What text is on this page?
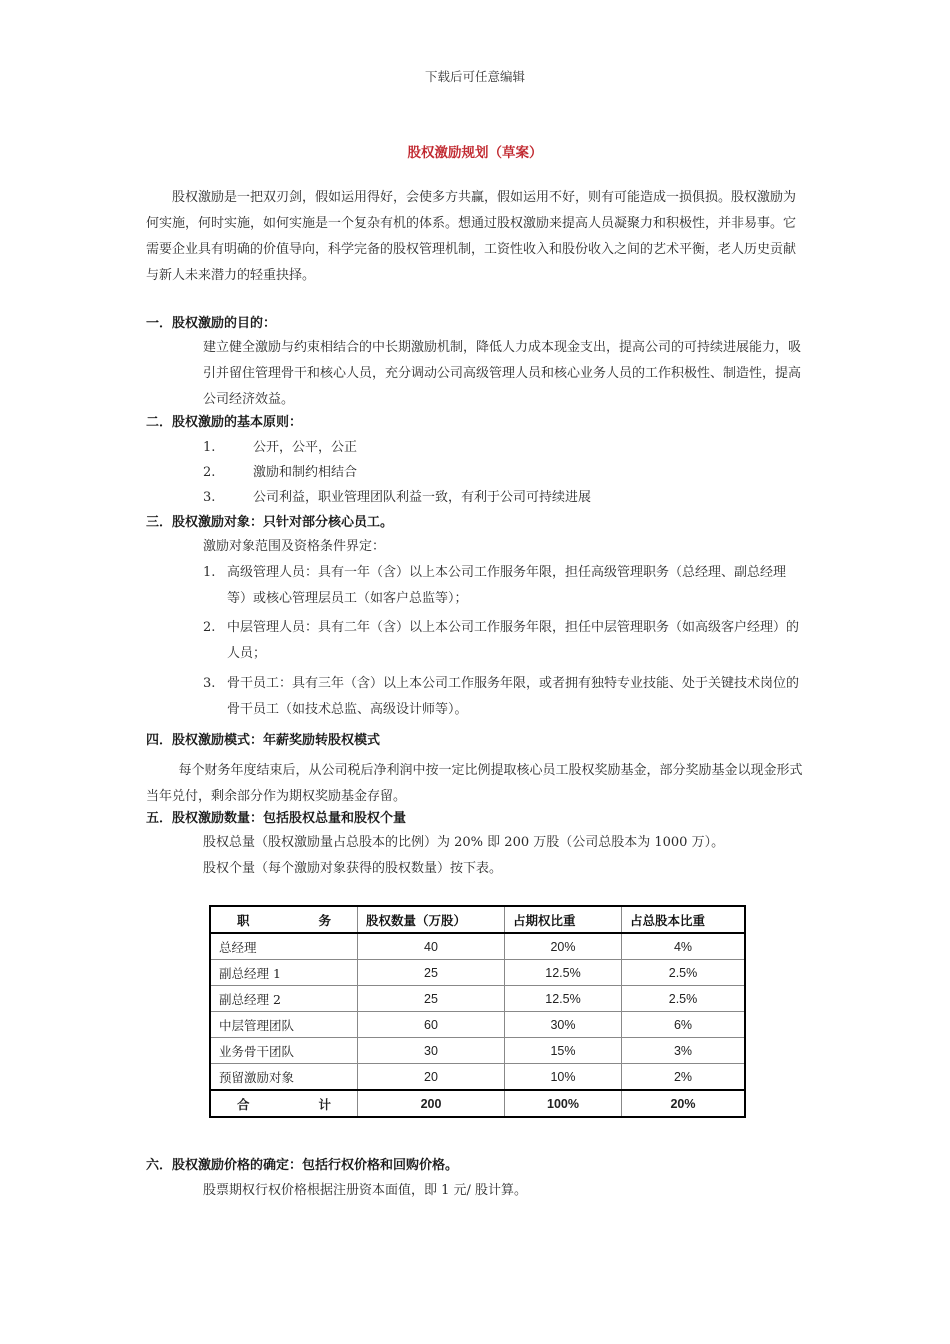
下载后可任意编辑
股权激励规划（草案）
股权激励是一把双刃剑，假如运用得好，会使多方共赢，假如运用不好，则有可能造成一损俱损。股权激励为何实施，何时实施，如何实施是一个复杂有机的体系。想通过股权激励来提高人员凝聚力和积极性，并非易事。它需要企业具有明确的价值导向，科学完备的股权管理机制，工资性收入和股份收入之间的艺术平衡，老人历史贡献与新人未来潜力的轻重抉择。
一．股权激励的目的：
建立健全激励与约束相结合的中长期激励机制，降低人力成本现金支出，提高公司的可持续进展能力，吸引并留住管理骨干和核心人员，充分调动公司高级管理人员和核心业务人员的工作积极性、制造性，提高公司经济效益。
二．股权激励的基本原则：
1.	公开，公平，公正
2.	激励和制约相结合
3.	公司利益，职业管理团队利益一致，有利于公司可持续进展
三．股权激励对象：只针对部分核心员工。
激励对象范围及资格条件界定：
1. 高级管理人员：具有一年（含）以上本公司工作服务年限，担任高级管理职务（总经理、副总经理等）或核心管理层员工（如客户总监等）；
2. 中层管理人员：具有二年（含）以上本公司工作服务年限，担任中层管理职务（如高级客户经理）的人员；
3. 骨干员工：具有三年（含）以上本公司工作服务年限，或者拥有独特专业技能、处于关键技术岗位的骨干员工（如技术总监、高级设计师等）。
四．股权激励模式：年薪奖励转股权模式
每个财务年度结束后，从公司税后净利润中按一定比例提取核心员工股权奖励基金，部分奖励基金以现金形式当年兑付，剩余部分作为期权奖励基金存留。
五．股权激励数量：包括股权总量和股权个量
股权总量（股权激励量占总股本的比例）为 20% 即 200 万股（公司总股本为 1000 万）。
股权个量（每个激励对象获得的股权数量）按下表。
职 务	股权数量（万股）	占期权比重	占总股本比重
总经理	40	20%	4%
副总经理 1	25	12.5%	2.5%
副总经理 2	25	12.5%	2.5%
中层管理团队	60	30%	6%
业务骨干团队	30	15%	3%
预留激励对象	20	10%	2%

合 计	200	100%	20%
六．股权激励价格的确定：包括行权价格和回购价格。
股票期权行权价格根据注册资本面值，即 1 元/ 股计算。
